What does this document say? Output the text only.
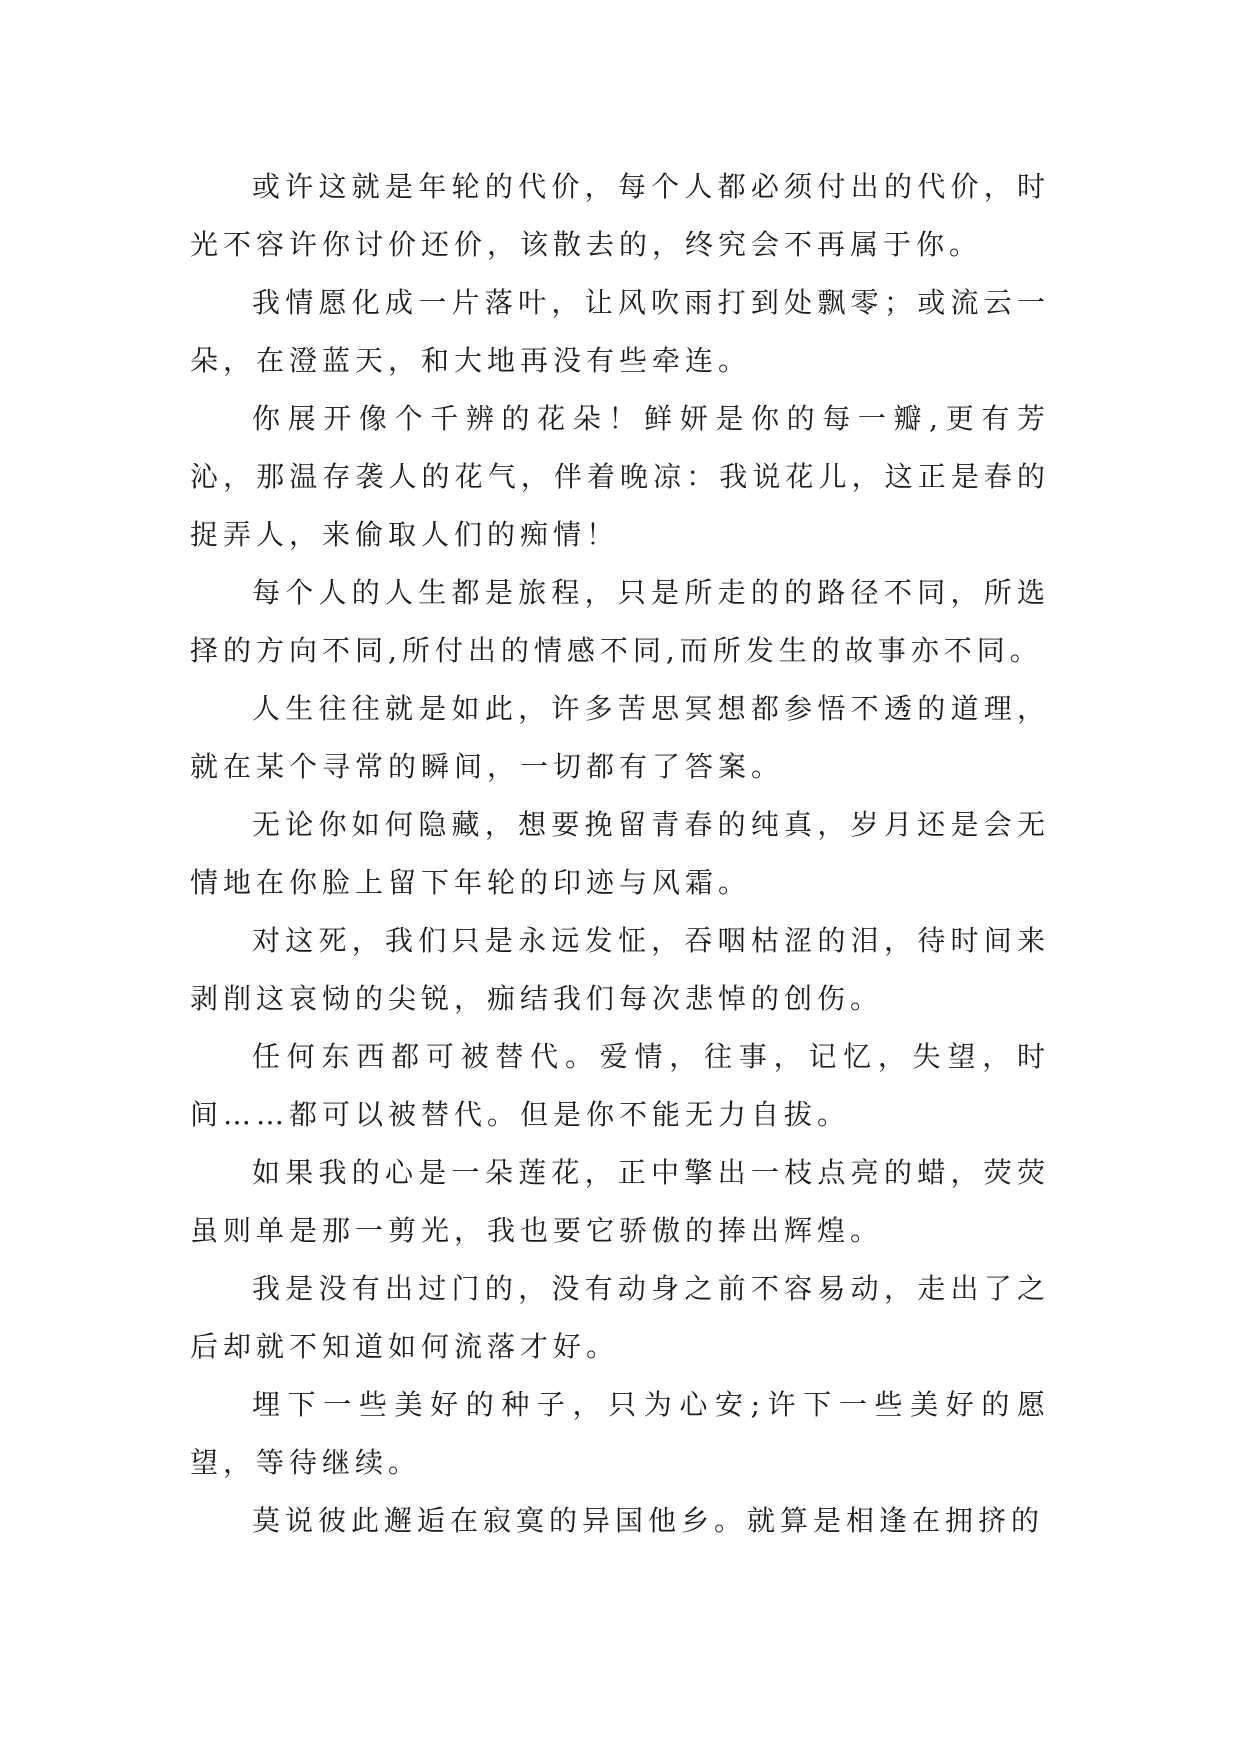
或许这就是年轮的代价，每个人都必须付出的代价，时光不容许你讨价还价，该散去的，终究会不再属于你。

我情愿化成一片落叶，让风吹雨打到处飘零；或流云一朵，在澄蓝天，和大地再没有些牵连。

你展开像个千辨的花朵！鲜妍是你的每一瓣,更有芳沁，那温存袭人的花气，伴着晚凉：我说花儿，这正是春的捉弄人，来偷取人们的痴情！

每个人的人生都是旅程，只是所走的的路径不同，所选择的方向不同,所付出的情感不同,而所发生的故事亦不同。

人生往往就是如此，许多苦思冥想都参悟不透的道理，就在某个寻常的瞬间，一切都有了答案。

无论你如何隐藏，想要挽留青春的纯真，岁月还是会无情地在你脸上留下年轮的印迹与风霜。

对这死，我们只是永远发怔，吞咽枯涩的泪，待时间来剥削这哀恸的尖锐，痂结我们每次悲悼的创伤。

任何东西都可被替代。爱情，往事，记忆，失望，时间……都可以被替代。但是你不能无力自拔。

如果我的心是一朵莲花，正中擎出一枝点亮的蜡，荧荧虽则单是那一剪光，我也要它骄傲的捧出辉煌。

我是没有出过门的，没有动身之前不容易动，走出了之后却就不知道如何流落才好。

埋下一些美好的种子，只为心安;许下一些美好的愿望，等待继续。

莫说彼此邂逅在寂寞的异国他乡。就算是相逢在拥挤的
